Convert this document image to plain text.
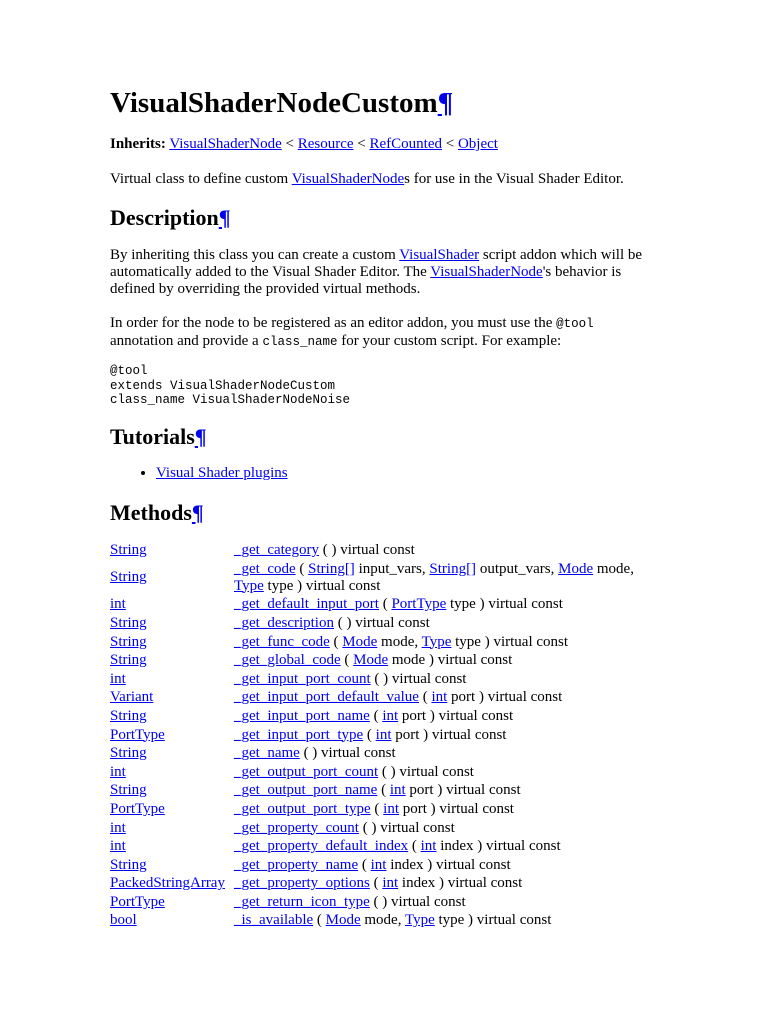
VisualShaderNodeCustom¶

Inherits: VisualShaderNode < Resource < RefCounted < Object

Virtual class to define custom VisualShaderNodes for use in the Visual Shader Editor.

Description¶

By inheriting this class you can create a custom VisualShader script addon which will be automatically added to the Visual Shader Editor. The VisualShaderNode's behavior is defined by overriding the provided virtual methods.

In order for the node to be registered as an editor addon, you must use the @tool annotation and provide a class_name for your custom script. For example:

@tool
extends VisualShaderNodeCustom
class_name VisualShaderNodeNoise
Tutorials¶
• Visual Shader plugins
Methods¶
String	_get_category ( ) virtual const
String	_get_code ( String[] input_vars, String[] output_vars, Mode mode, Type type ) virtual const
int	_get_default_input_port ( PortType type ) virtual const
String	_get_description ( ) virtual const
String	_get_func_code ( Mode mode, Type type ) virtual const
String	_get_global_code ( Mode mode ) virtual const
int	_get_input_port_count ( ) virtual const
Variant	_get_input_port_default_value ( int port ) virtual const
String	_get_input_port_name ( int port ) virtual const
PortType	_get_input_port_type ( int port ) virtual const
String	_get_name ( ) virtual const
int	_get_output_port_count ( ) virtual const
String	_get_output_port_name ( int port ) virtual const
PortType	_get_output_port_type ( int port ) virtual const
int	_get_property_count ( ) virtual const
int	_get_property_default_index ( int index ) virtual const
String	_get_property_name ( int index ) virtual const
PackedStringArray	_get_property_options ( int index ) virtual const
PortType	_get_return_icon_type ( ) virtual const
bool	_is_available ( Mode mode, Type type ) virtual const
